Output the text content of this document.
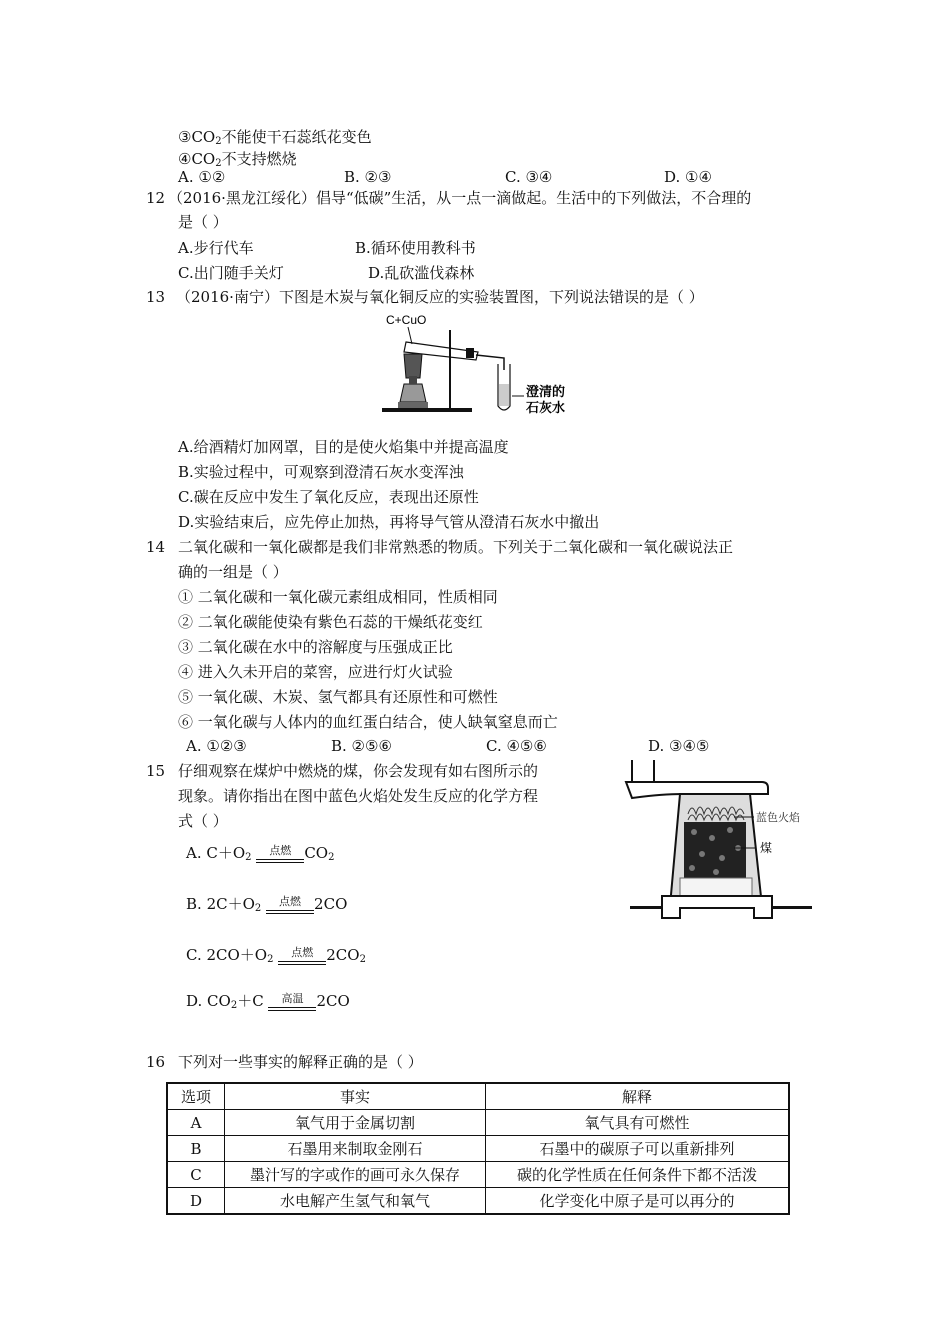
$③CO_2$不能使干石蕊纸花变色
$④CO_2$不支持燃烧
A. ①②	B. ②③	C. ③④	D. ①④
12 （2016·黑龙江绥化）倡导“低碳”生活，从一点一滴做起。生活中的下列做法，不合理的
是（ ）
A.步行代车	B.循环使用教科书
C.出门随手关灯	D.乱砍滥伐森林
13 （2016·南宁）下图是木炭与氧化铜反应的实验装置图，下列说法错误的是（ ）
C+CuO
澄清的
石灰水
A.给酒精灯加网罩，目的是使火焰集中并提高温度
B.实验过程中，可观察到澄清石灰水变浑浊
C.碳在反应中发生了氧化反应，表现出还原性
D.实验结束后，应先停止加热，再将导气管从澄清石灰水中撤出
14 二氧化碳和一氧化碳都是我们非常熟悉的物质。下列关于二氧化碳和一氧化碳说法正
确的一组是（ ）
① 二氧化碳和一氧化碳元素组成相同，性质相同
② 二氧化碳能使染有紫色石蕊的干燥纸花变红
③ 二氧化碳在水中的溶解度与压强成正比
④ 进入久未开启的菜窖，应进行灯火试验
⑤ 一氧化碳、木炭、氢气都具有还原性和可燃性
⑥ 一氧化碳与人体内的血红蛋白结合，使人缺氧窒息而亡
A. ①②③	B. ②⑤⑥	C. ④⑤⑥	D. ③④⑤
15 仔细观察在煤炉中燃烧的煤，你会发现有如右图所示的
现象。请你指出在图中蓝色火焰处发生反应的化学方程
式（ ）
A. $C+O_2$
点燃 $CO_2$
B. $2C+O_2$
点燃 2CO
C. $2CO+O_2$
点燃 $2CO_2$
D. $CO_2+C$	高温 2CO
蓝色火焰
煤
16 下列对一些事实的解释正确的是（ ）
选项	事实	解释
A	氧气用于金属切割	氧气具有可燃性
B	石墨用来制取金刚石	石墨中的碳原子可以重新排列
C	墨汁写的字或作的画可永久保存	碳的化学性质在任何条件下都不活泼
D	水电解产生氢气和氧气	化学变化中原子是可以再分的
